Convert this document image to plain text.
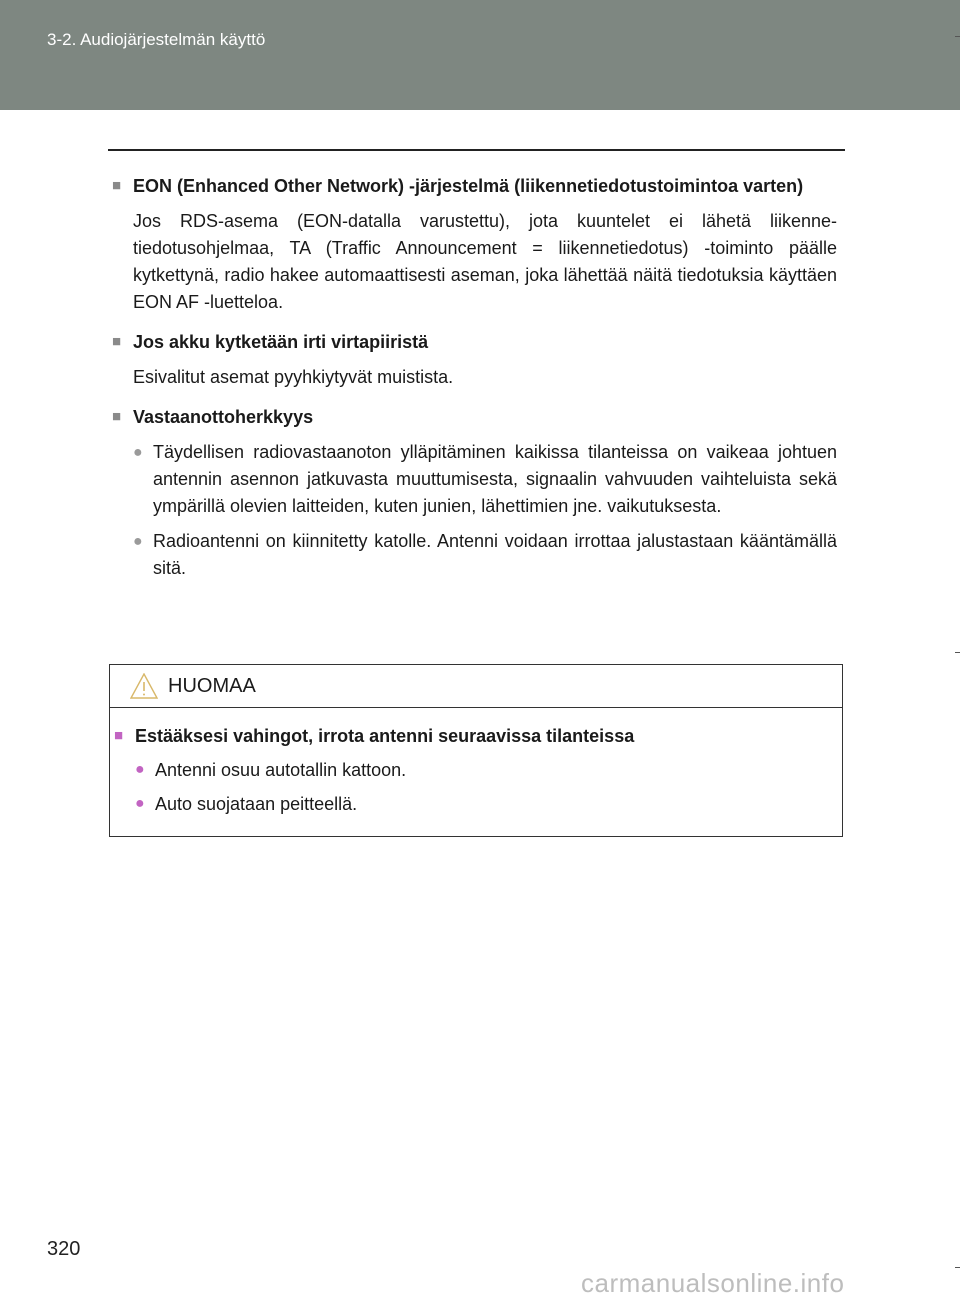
3-2. Audiojärjestelmän käyttö
■ EON (Enhanced Other Network) -järjestelmä (liikennetiedotustoimintoa varten)
Jos RDS-asema (EON-datalla varustettu), jota kuuntelet ei lähetä liikennetiedotusohjelmaa, TA (Traffic Announcement = liikennetiedotus) -toiminto päälle kytkettynä, radio hakee automaattisesti aseman, joka lähettää näitä tiedotuksia käyttäen EON AF -luetteloa.
■ Jos akku kytketään irti virtapiiristä
Esivalitut asemat pyyhkiytyvät muistista.
■ Vastaanottoherkkyys
● Täydellisen radiovastaanoton ylläpitäminen kaikissa tilanteissa on vaikeaa johtuen antennin asennon jatkuvasta muuttumisesta, signaalin vahvuuden vaihteluista sekä ympärillä olevien laitteiden, kuten junien, lähettimien jne. vaikutuksesta.
● Radioantenni on kiinnitetty katolle. Antenni voidaan irrottaa jalustastaan kääntämällä sitä.
HUOMAA
■ Estääksesi vahingot, irrota antenni seuraavissa tilanteissa
● Antenni osuu autotallin kattoon.
● Auto suojataan peitteellä.
320
carmanualsonline.info
